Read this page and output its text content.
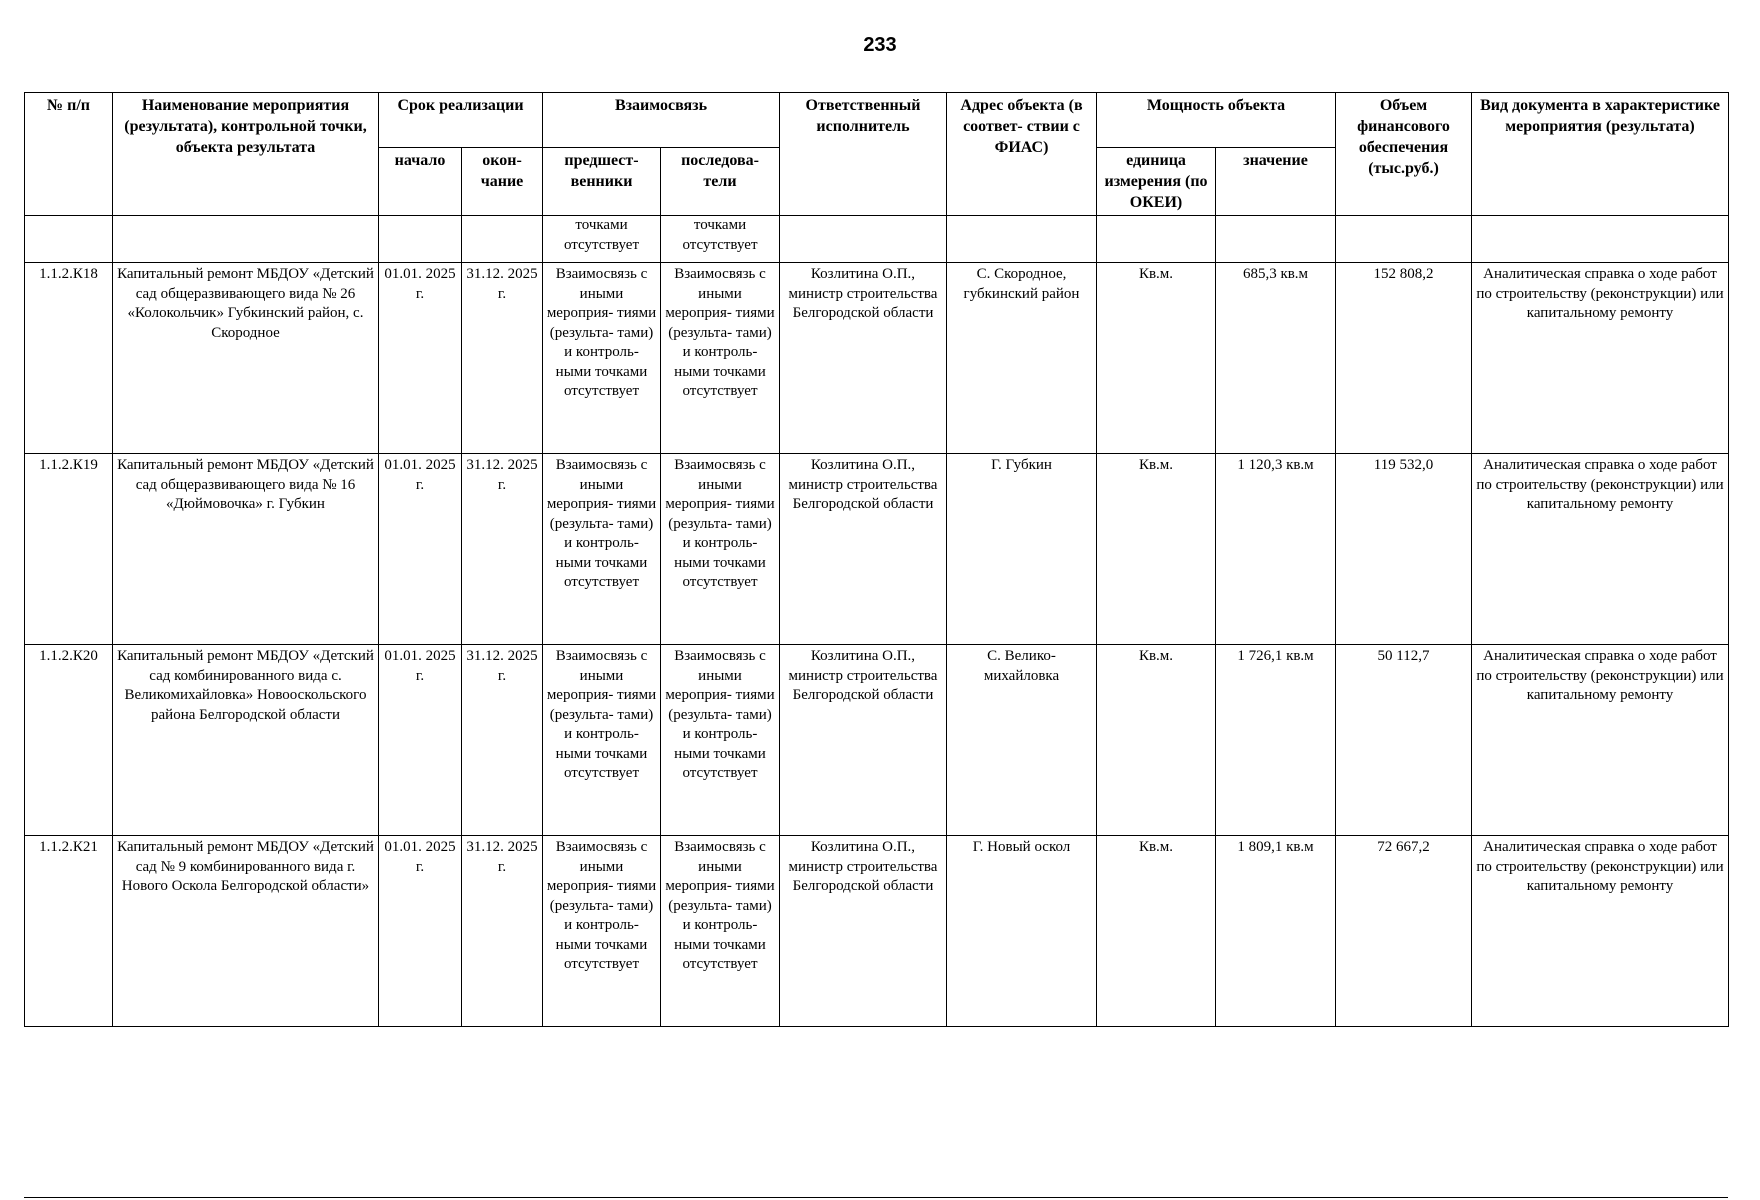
233
№ п/п	Наименование мероприятия (результата), контрольной точки, объекта результата	Срок реализации		Взаимосвязь		Ответственный исполнитель	Адрес объекта (в соответ- ствии с ФИАС)	Мощность объекта		Объем финансового обеспечения (тыс.руб.)	Вид документа в характеристике мероприятия (результата)
		начало	окон- чание	предшест- венники	последова- тели			единица измерения (по ОКЕИ)	значение		
				точками отсутствует	точками отсутствует						
1.1.2.К18	Капитальный ремонт МБДОУ «Детский сад общеразвивающего вида № 26 «Колокольчик» Губкинский район, с. Скородное	01.01. 2025 г.	31.12. 2025 г.	Взаимосвязь с иными мероприя- тиями (результа- тами) и контроль- ными точками отсутствует	Взаимосвязь с иными мероприя- тиями (результа- тами) и контроль- ными точками отсутствует	Козлитина О.П., министр строительства Белгородской области	С. Скородное, губкинский район	Кв.м.	685,3 кв.м	152 808,2	Аналитическая справка о ходе работ по строительству (реконструкции) или капитальному ремонту
1.1.2.К19	Капитальный ремонт МБДОУ «Детский сад общеразвивающего вида № 16 «Дюймовочка» г. Губкин	01.01. 2025 г.	31.12. 2025 г.	Взаимосвязь с иными мероприя- тиями (результа- тами) и контроль- ными точками отсутствует	Взаимосвязь с иными мероприя- тиями (результа- тами) и контроль- ными точками отсутствует	Козлитина О.П., министр строительства Белгородской области	Г. Губкин	Кв.м.	1 120,3 кв.м	119 532,0	Аналитическая справка о ходе работ по строительству (реконструкции) или капитальному ремонту
1.1.2.К20	Капитальный ремонт МБДОУ «Детский сад комбинированного вида с. Великомихайловка» Новооскольского района Белгородской области	01.01. 2025 г.	31.12. 2025 г.	Взаимосвязь с иными мероприя- тиями (результа- тами) и контроль- ными точками отсутствует	Взаимосвязь с иными мероприя- тиями (результа- тами) и контроль- ными точками отсутствует	Козлитина О.П., министр строительства Белгородской области	С. Велико- михайловка	Кв.м.	1 726,1 кв.м	50 112,7	Аналитическая справка о ходе работ по строительству (реконструкции) или капитальному ремонту
1.1.2.К21	Капитальный ремонт МБДОУ «Детский сад № 9 комбинированного вида г. Нового Оскола Белгородской области»	01.01. 2025 г.	31.12. 2025 г.	Взаимосвязь с иными мероприя- тиями (результа- тами) и контроль- ными точками отсутствует	Взаимосвязь с иными мероприя- тиями (результа- тами) и контроль- ными точками отсутствует	Козлитина О.П., министр строительства Белгородской области	Г. Новый оскол	Кв.м.	1 809,1 кв.м	72 667,2	Аналитическая справка о ходе работ по строительству (реконструкции) или капитальному ремонту
